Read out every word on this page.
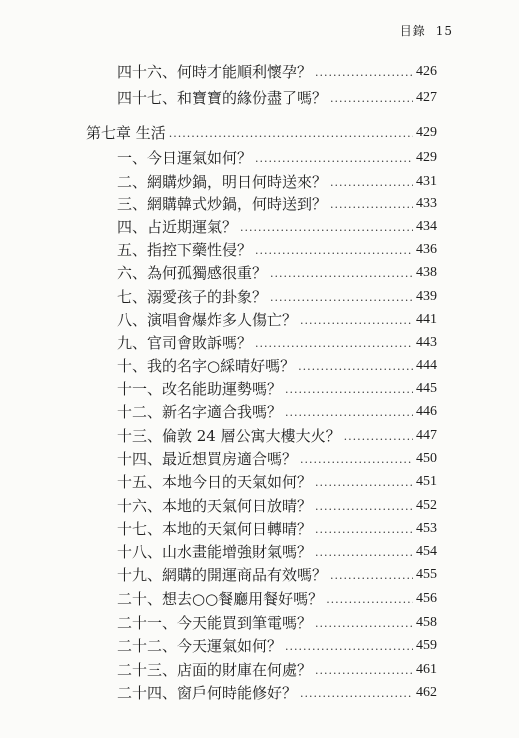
目錄 15
四十六、何時才能順利懷孕？ .....	426
四十七、和寶寶的緣份盡了嗎？ .....	427
第七章 生活 .....	429
一、今日運氣如何？ .....	429
二、網購炒鍋，明日何時送來？ .....	431
三、網購韓式炒鍋，何時送到？ .....	433
四、占近期運氣？ .....	434
五、指控下藥性侵？ .....	436
六、為何孤獨感很重？ .....	438
七、溺愛孩子的卦象？ .....	439
八、演唱會爆炸多人傷亡？ .....	441
九、官司會敗訴嗎？ .....	443
十、我的名字○綵晴好嗎？ .....	444
十一、改名能助運勢嗎？ .....	445
十二、新名字適合我嗎？ .....	446
十三、倫敦 24 層公寓大樓大火？ .....	447
十四、最近想買房適合嗎？ .....	450
十五、本地今日的天氣如何？ .....	451
十六、本地的天氣何日放晴？ .....	452
十七、本地的天氣何日轉晴？ .....	453
十八、山水畫能增強財氣嗎？ .....	454
十九、網購的開運商品有效嗎？ .....	455
二十、想去○○餐廳用餐好嗎？ .....	456
二十一、今天能買到筆電嗎？ .....	458
二十二、今天運氣如何？ .....	459
二十三、店面的財庫在何處？ .....	461
二十四、窗戶何時能修好？ .....	462
